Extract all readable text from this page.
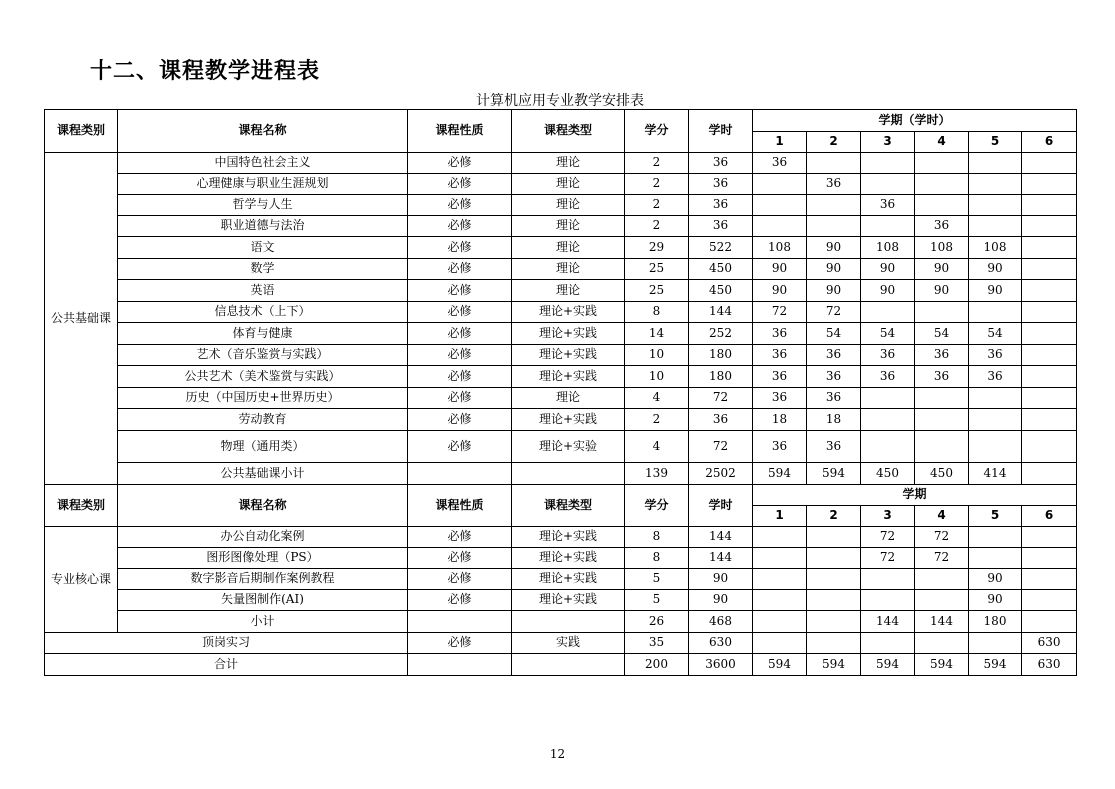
十二、课程教学进程表
计算机应用专业教学安排表
课程类别	课程名称	课程性质	课程类型	学分	学时	学期（学时）					
						1	2	3	4	5	6
公共基础课	中国特色社会主义	必修	理论	2	36	36					
	心理健康与职业生涯规划	必修	理论	2	36		36				
	哲学与人生	必修	理论	2	36			36			
	职业道德与法治	必修	理论	2	36				36		
	语文	必修	理论	29	522	108	90	108	108	108	
	数学	必修	理论	25	450	90	90	90	90	90	
	英语	必修	理论	25	450	90	90	90	90	90	
	信息技术（上下）	必修	理论+实践	8	144	72	72				
	体育与健康	必修	理论+实践	14	252	36	54	54	54	54	
	艺术（音乐鉴赏与实践）	必修	理论+实践	10	180	36	36	36	36	36	
	公共艺术（美术鉴赏与实践）	必修	理论+实践	10	180	36	36	36	36	36	
	历史（中国历史+世界历史）	必修	理论	4	72	36	36				
	劳动教育	必修	理论+实践	2	36	18	18				
	物理（通用类）	必修	理论+实验	4	72	36	36				
	公共基础课小计			139	2502	594	594	450	450	414	
课程类别	课程名称	课程性质	课程类型	学分	学时	学期					
						1	2	3	4	5	6
专业核心课	办公自动化案例	必修	理论+实践	8	144			72	72		
	图形图像处理（PS）	必修	理论+实践	8	144			72	72		
	数字影音后期制作案例教程	必修	理论+实践	5	90					90	
	矢量图制作(AI)	必修	理论+实践	5	90					90	
	小计			26	468			144	144	180	
顶岗实习		必修	实践	35	630						630
合计				200	3600	594	594	594	594	594	630
12
